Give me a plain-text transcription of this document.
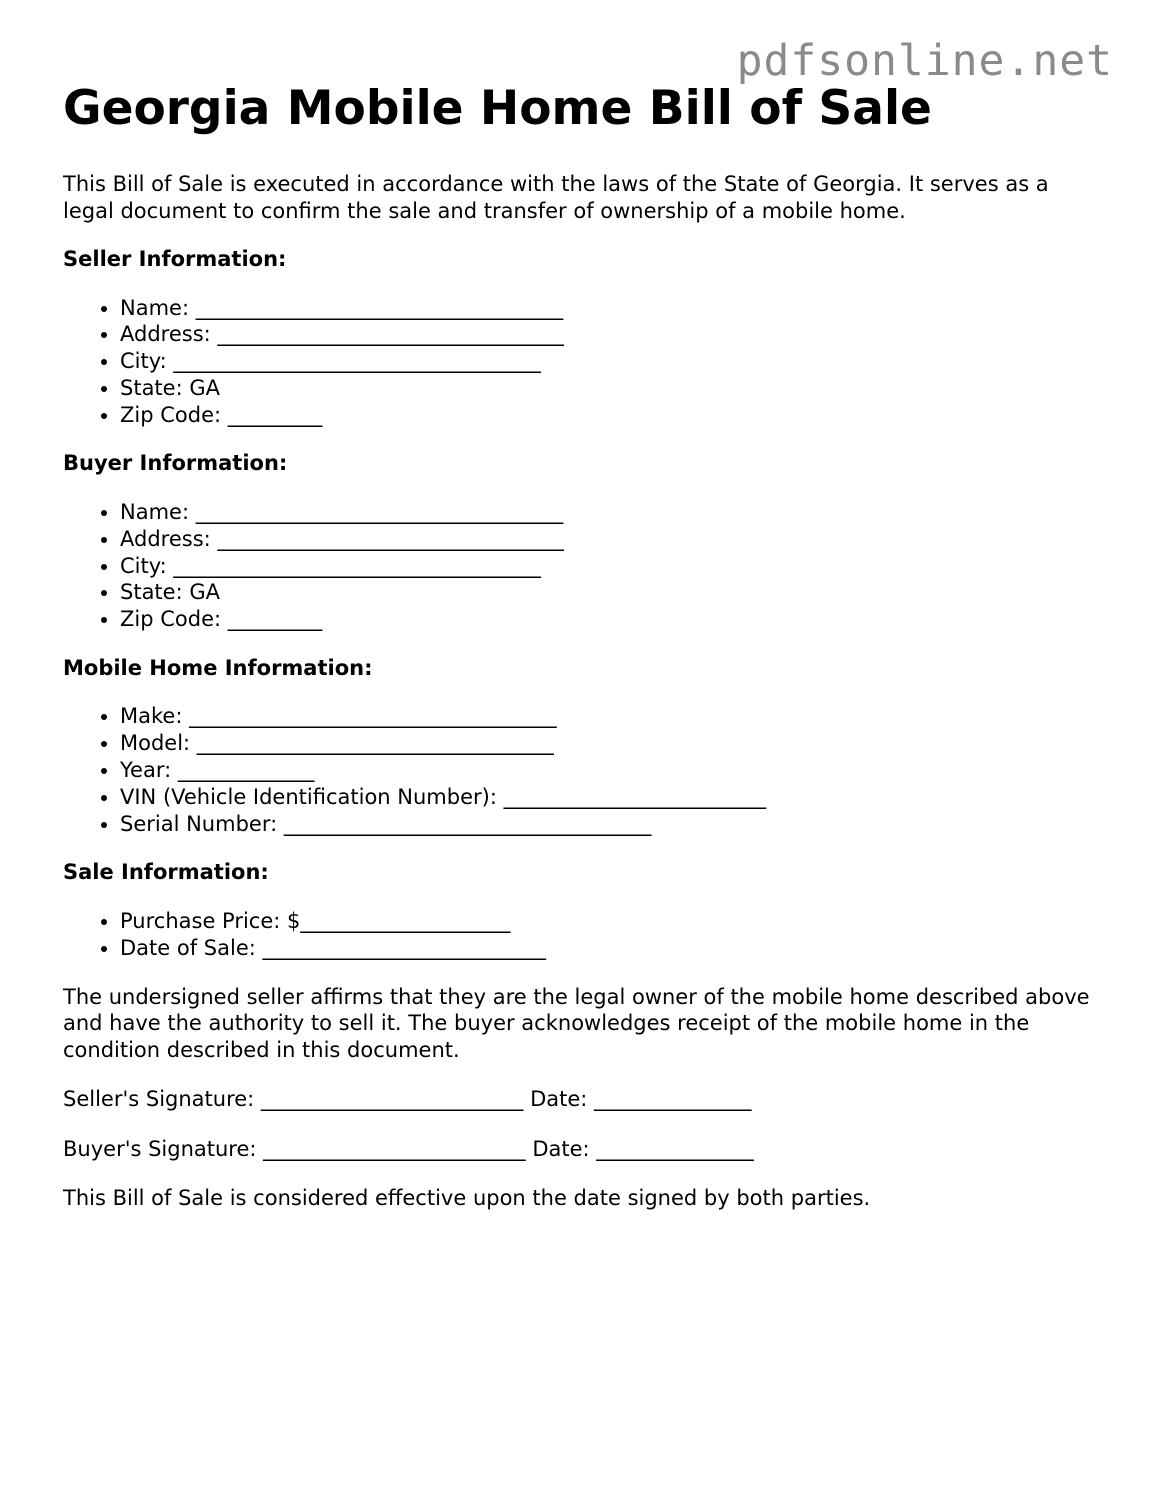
pdfsonline.net
Georgia Mobile Home Bill of Sale

This Bill of Sale is executed in accordance with the laws of the State of Georgia. It serves as a legal document to confirm the sale and transfer of ownership of a mobile home.

Seller Information:
• Name: ___________________________________
• Address: _________________________________
• City: ___________________________________
• State: GA
• Zip Code: _________
Buyer Information:
• Name: ___________________________________
• Address: _________________________________
• City: ___________________________________
• State: GA
• Zip Code: _________
Mobile Home Information:
• Make: ___________________________________
• Model: __________________________________
• Year: _____________
• VIN (Vehicle Identification Number): _________________________
• Serial Number: ___________________________________
Sale Information:
• Purchase Price: $____________________
• Date of Sale: ___________________________

The undersigned seller affirms that they are the legal owner of the mobile home described above and have the authority to sell it. The buyer acknowledges receipt of the mobile home in the condition described in this document.

Seller's Signature: _________________________ Date: _______________

Buyer's Signature: _________________________ Date: _______________

This Bill of Sale is considered effective upon the date signed by both parties.
